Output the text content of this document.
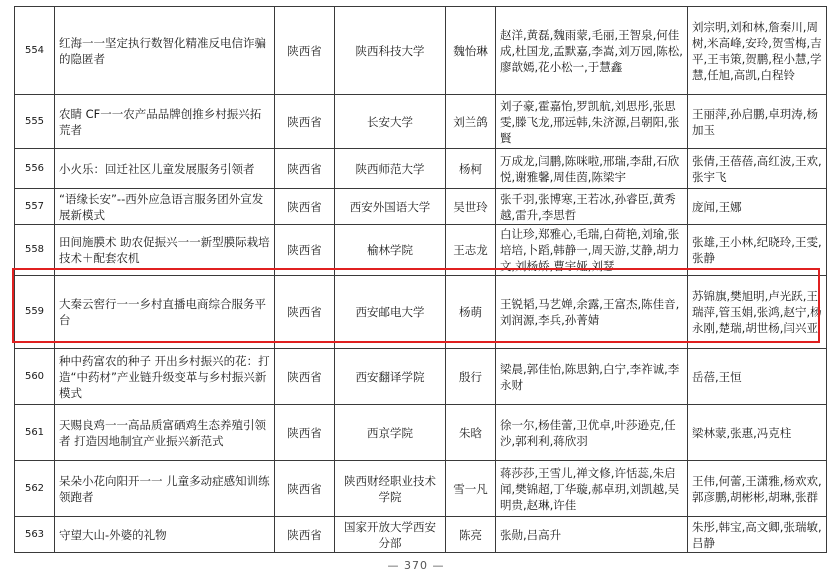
554	红海一一坚定执行数智化精准反电信诈骗的隐匿者	陕西省	陕西科技大学	魏怡琳	赵洋,黄磊,魏雨蒙,毛丽,王智泉,何佳成,杜国龙,孟默嘉,李嵩,刘万园,陈松,廖歆嫣,花小松一,于慧鑫	刘宗明,刘和林,詹秦川,周树,米高峰,安玲,贺雪梅,吉平,王韦策,贺鹏,程小慧,学慧,任旭,高凯,白程铃
555	农睛 CF一一农产品品牌创推乡村振兴拓荒者	陕西省	长安大学	刘兰鸽	刘子豪,霍嘉怡,罗凯航,刘思彤,张思雯,滕飞龙,邢远韩,朱济源,吕朝阳,张賢	王丽萍,孙启鹏,卓玥涛,杨加玉
556	小火乐：回迁社区儿童发展服务引领者	陕西省	陕西师范大学	杨柯	万成龙,闫鹏,陈咪啦,邢瑞,李甜,石欣悦,谢雅馨,周佳茵,陈梁宇	张倩,王蓓蓓,高红波,王欢,张宇飞
557	“语缘长安”--西外应急语言服务团外宣发展新模式	陕西省	西安外国语大学	吴世玲	张千羽,张博寒,王若冰,孙睿臣,黄秀越,雷升,李思哲	庞闻,王娜
558	田间施膜术 助农促振兴一一新型膜际栽培技术＋配套农机	陕西省	榆林学院	王志龙	白让珍,郑雅心,毛瑞,白荷艳,刘瑜,张培培,卜蹈,韩静一,周天游,艾静,胡力文,刘杨娇,曹宇娅,刘瑟	张雄,王小林,纪晓玲,王雯,张静
559	大秦云窖行一一乡村直播电商综合服务平台	陕西省	西安邮电大学	杨萌	王锐韬,马艺婵,余露,王富杰,陈佳音,刘润源,李兵,孙菁婧	苏锦旗,樊旭明,卢光跃,王瑞萍,管玉娟,张鸿,赵宁,杨永刚,楚瑞,胡世杨,闫兴亚
560	种中药富农的种子 开出乡村振兴的花：打造“中药材”产业链升级变革与乡村振兴新模式	陕西省	西安翻译学院	殷行	梁晨,郭佳怡,陈思鈉,白宁,李祚诚,李永财	岳蓓,王恒
561	天赐良鸡一一高品质富硒鸡生态养殖引领者 打造因地制宜产业振兴新范式	陕西省	西京学院	朱晗	徐一尔,杨佳蕾,卫优卓,叶莎逊克,任沙,郭利利,蒋欣羽	梁林蒙,张惠,冯克柱
562	呆朵小花向阳开一一 儿童多动症感知训练领跑者	陕西省	陕西财经职业技术学院	雪一凡	蒋莎莎,王雪儿,禅文修,许恬蕊,朱启闻,樊锦超,丁华璇,郝卓玥,刘凯越,吴明贵,赵琳,许佳	王伟,何蕾,王潇雅,杨欢欢,郭彦鹏,胡彬彬,胡琳,张群
563	守望大山-外婆的礼物	陕西省	国家开放大学西安分部	陈亮	张勋,吕高升	朱彤,韩宝,高文卿,张瑞敏,吕静
— 370 —
